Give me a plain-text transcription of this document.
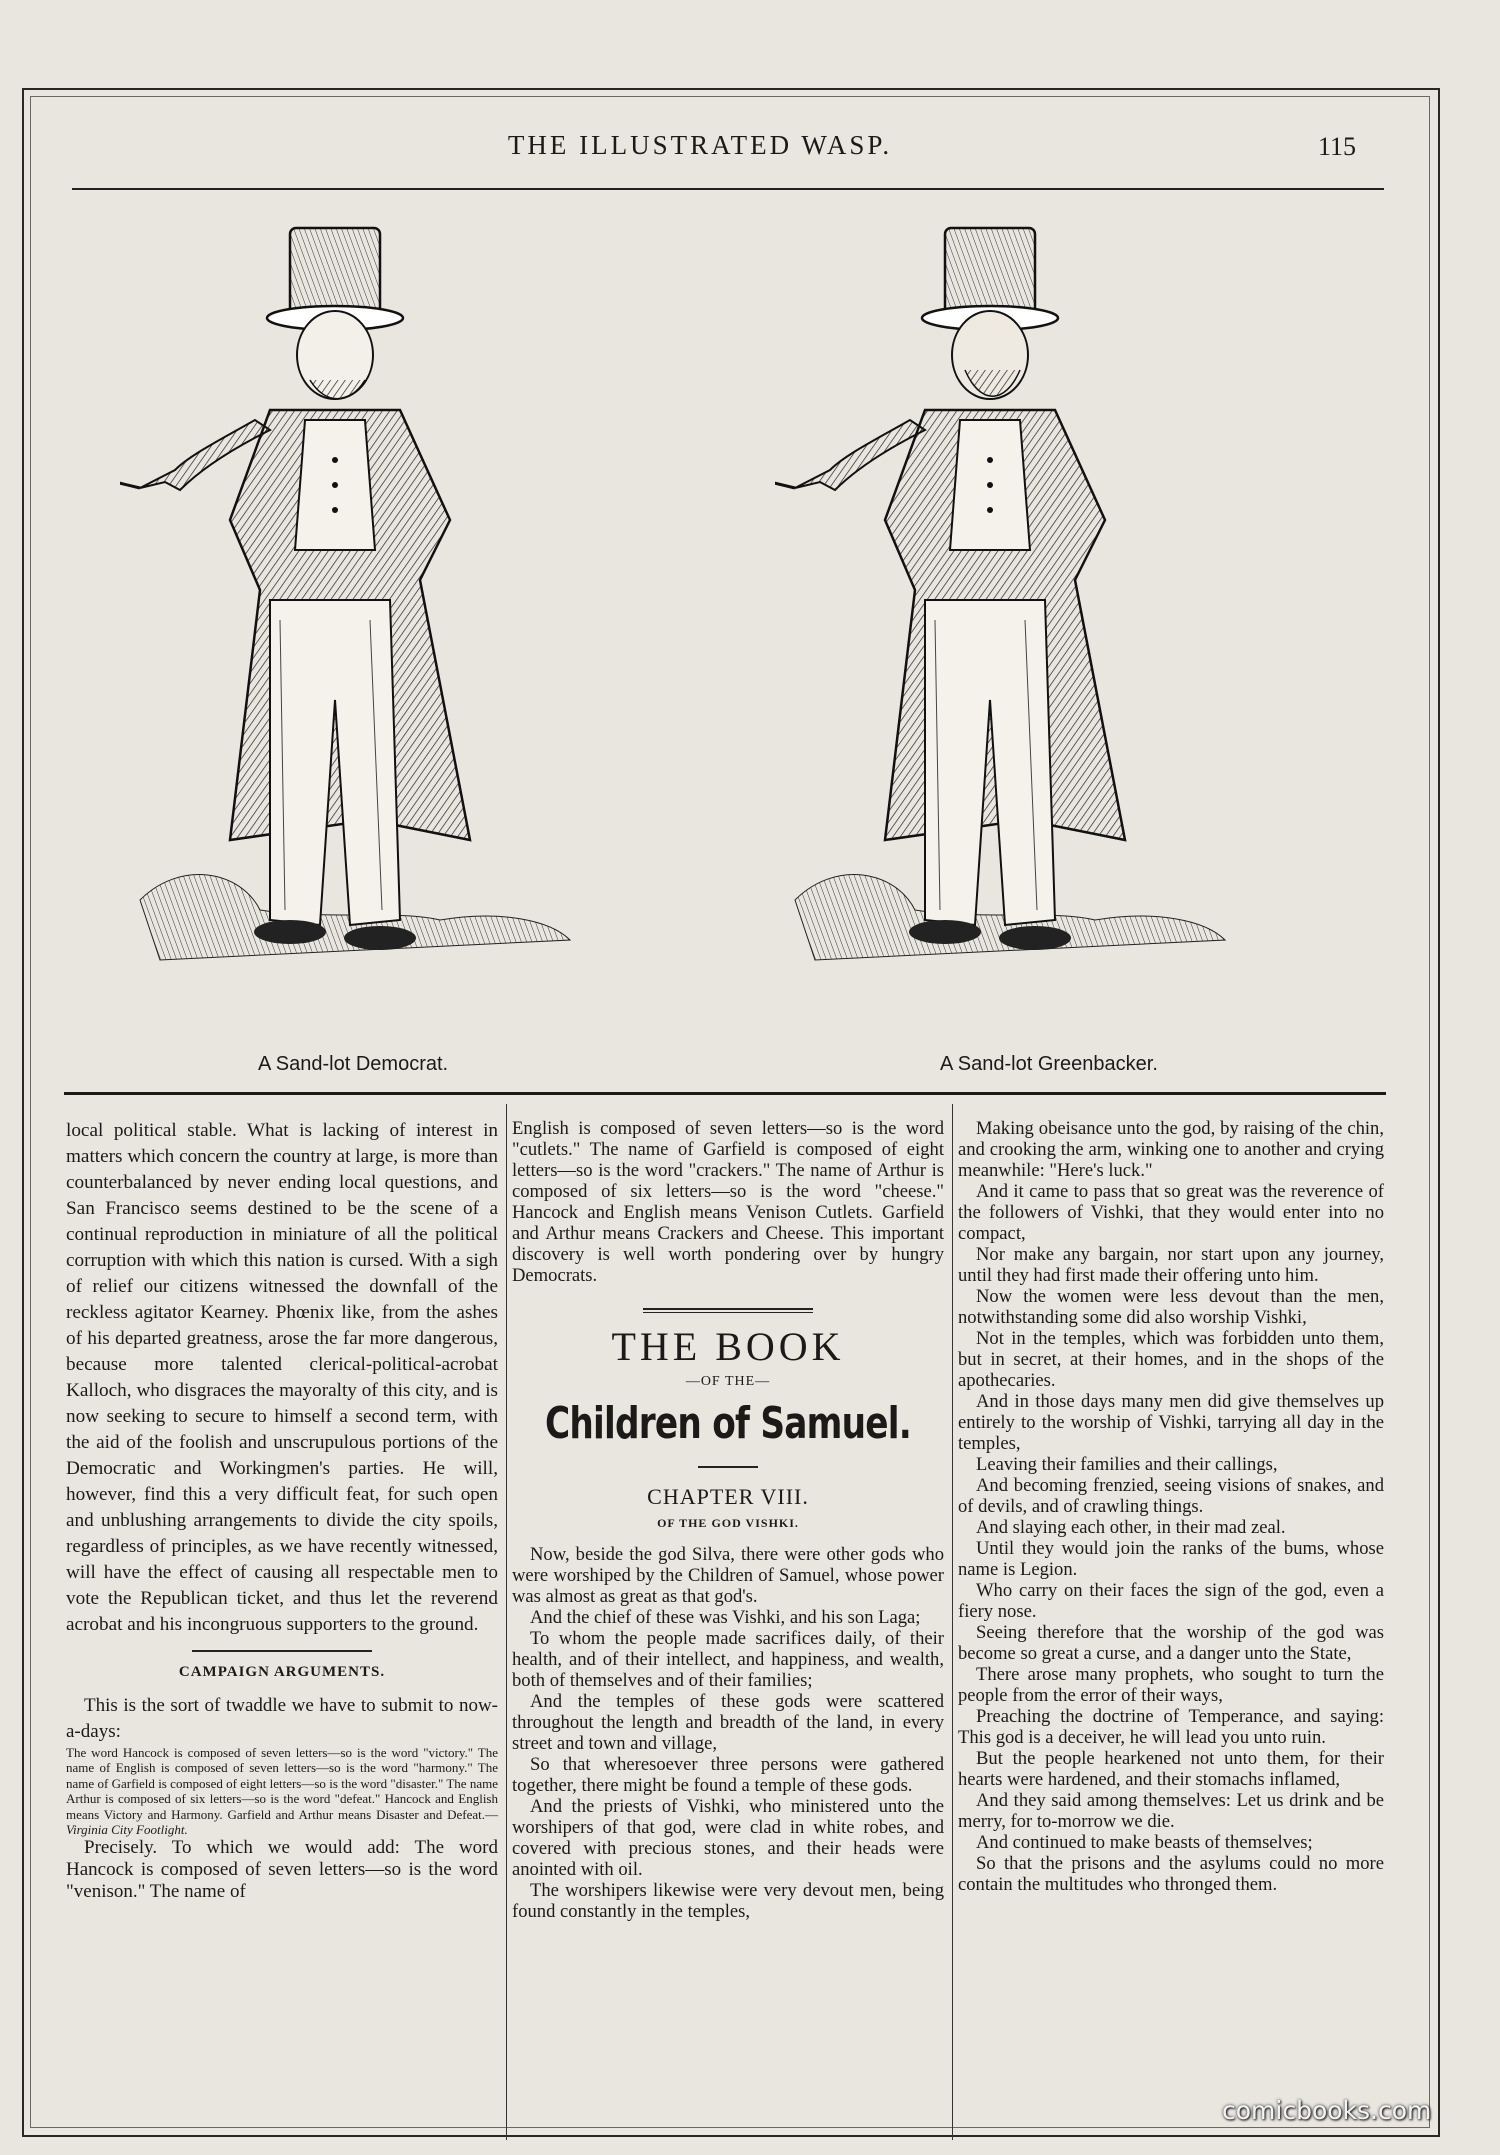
THE ILLUSTRATED WASP.	115
A Sand-lot Democrat.	A Sand-lot Greenbacker.

local political stable. What is lacking of interest in matters which concern the country at large, is more than counterbalanced by never ending local questions, and San Francisco seems destined to be the scene of a continual reproduction in miniature of all the political corruption with which this nation is cursed. With a sigh of relief our citizens witnessed the downfall of the reckless agitator Kearney. Phœnix like, from the ashes of his departed greatness, arose the far more dangerous, because more talented clerical-political-acrobat Kalloch, who disgraces the mayoralty of this city, and is now seeking to secure to himself a second term, with the aid of the foolish and unscrupulous portions of the Democratic and Workingmen's parties. He will, however, find this a very difficult feat, for such open and unblushing arrangements to divide the city spoils, regardless of principles, as we have recently witnessed, will have the effect of causing all respectable men to vote the Republican ticket, and thus let the reverend acrobat and his incongruous supporters to the ground.

CAMPAIGN ARGUMENTS.

This is the sort of twaddle we have to submit to now-a-days:

The word Hancock is composed of seven letters—so is the word "victory." The name of English is composed of seven letters—so is the word "harmony." The name of Garfield is composed of eight letters—so is the word "disaster." The name Arthur is composed of six letters—so is the word "defeat." Hancock and English means Victory and Harmony. Garfield and Arthur means Disaster and Defeat.— Virginia City Footlight.

Precisely. To which we would add: The word Hancock is composed of seven letters—so is the word "venison." The name of

English is composed of seven letters—so is the word "cutlets." The name of Garfield is composed of eight letters—so is the word "crackers." The name of Arthur is composed of six letters—so is the word "cheese." Hancock and English means Venison Cutlets. Garfield and Arthur means Crackers and Cheese. This important discovery is well worth pondering over by hungry Democrats.

THE BOOK
—OF THE—
Children of Samuel.
CHAPTER VIII.
OF THE GOD VISHKI.

Now, beside the god Silva, there were other gods who were worshiped by the Children of Samuel, whose power was almost as great as that god's.

And the chief of these was Vishki, and his son Laga;

To whom the people made sacrifices daily, of their health, and of their intellect, and happiness, and wealth, both of themselves and of their families;

And the temples of these gods were scattered throughout the length and breadth of the land, in every street and town and village,

So that wheresoever three persons were gathered together, there might be found a temple of these gods.

And the priests of Vishki, who ministered unto the worshipers of that god, were clad in white robes, and covered with precious stones, and their heads were anointed with oil.

The worshipers likewise were very devout men, being found constantly in the temples,

Making obeisance unto the god, by raising of the chin, and crooking the arm, winking one to another and crying meanwhile: "Here's luck."

And it came to pass that so great was the reverence of the followers of Vishki, that they would enter into no compact,

Nor make any bargain, nor start upon any journey, until they had first made their offering unto him.

Now the women were less devout than the men, notwithstanding some did also worship Vishki,

Not in the temples, which was forbidden unto them, but in secret, at their homes, and in the shops of the apothecaries.

And in those days many men did give themselves up entirely to the worship of Vishki, tarrying all day in the temples,

Leaving their families and their callings,

And becoming frenzied, seeing visions of snakes, and of devils, and of crawling things.

And slaying each other, in their mad zeal.

Until they would join the ranks of the bums, whose name is Legion.

Who carry on their faces the sign of the god, even a fiery nose.

Seeing therefore that the worship of the god was become so great a curse, and a danger unto the State,

There arose many prophets, who sought to turn the people from the error of their ways,

Preaching the doctrine of Temperance, and saying: This god is a deceiver, he will lead you unto ruin.

But the people hearkened not unto them, for their hearts were hardened, and their stomachs inflamed,

And they said among themselves: Let us drink and be merry, for to-morrow we die.

And continued to make beasts of themselves;

So that the prisons and the asylums could no more contain the multitudes who thronged them.

comicbooks.com
